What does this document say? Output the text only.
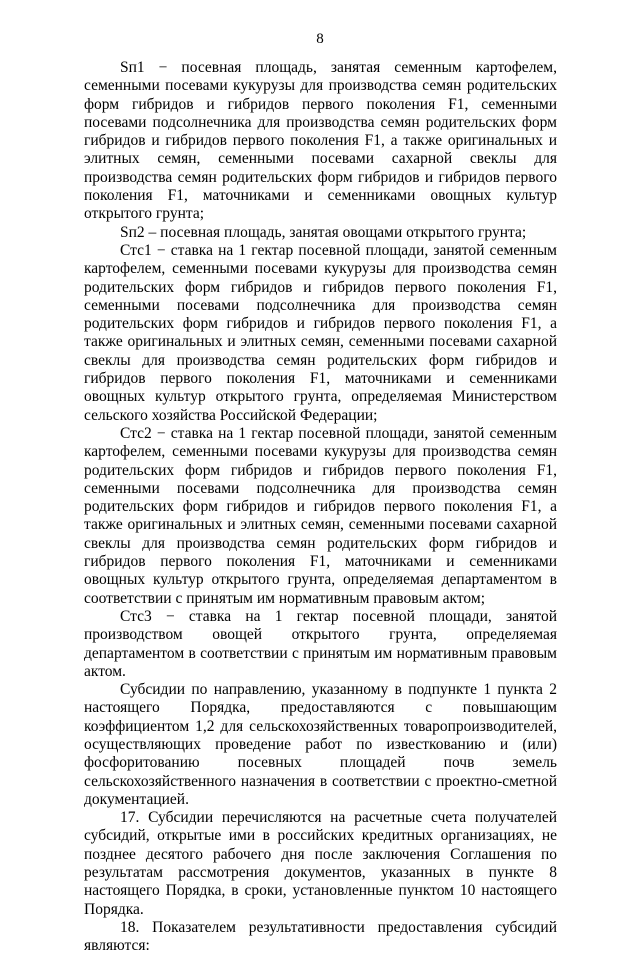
8

Sп1 − посевная площадь, занятая семенным картофелем, семенными посевами кукурузы для производства семян родительских форм гибридов и гибридов первого поколения F1, семенными посевами подсолнечника для производства семян родительских форм гибридов и гибридов первого поколения F1, а также оригинальных и элитных семян, семенными посевами сахарной свеклы для производства семян родительских форм гибридов и гибридов первого поколения F1, маточниками и семенниками овощных культур открытого грунта;

Sп2 – посевная площадь, занятая овощами открытого грунта;

Стс1 − ставка на 1 гектар посевной площади, занятой семенным картофелем, семенными посевами кукурузы для производства семян родительских форм гибридов и гибридов первого поколения F1, семенными посевами подсолнечника для производства семян родительских форм гибридов и гибридов первого поколения F1, а также оригинальных и элитных семян, семенными посевами сахарной свеклы для производства семян родительских форм гибридов и гибридов первого поколения F1, маточниками и семенниками овощных культур открытого грунта, определяемая Министерством сельского хозяйства Российской Федерации;

Стс2 − ставка на 1 гектар посевной площади, занятой семенным картофелем, семенными посевами кукурузы для производства семян родительских форм гибридов и гибридов первого поколения F1, семенными посевами подсолнечника для производства семян родительских форм гибридов и гибридов первого поколения F1, а также оригинальных и элитных семян, семенными посевами сахарной свеклы для производства семян родительских форм гибридов и гибридов первого поколения F1, маточниками и семенниками овощных культур открытого грунта, определяемая департаментом в соответствии с принятым им нормативным правовым актом;

Стс3 − ставка на 1 гектар посевной площади, занятой производством овощей открытого грунта, определяемая департаментом в соответствии с принятым им нормативным правовым актом.

Субсидии по направлению, указанному в подпункте 1 пункта 2 настоящего Порядка, предоставляются с повышающим коэффициентом 1,2 для сельскохозяйственных товаропроизводителей, осуществляющих проведение работ по известкованию и (или) фосфоритованию посевных площадей почв земель сельскохозяйственного назначения в соответствии с проектно-сметной документацией.

17. Субсидии перечисляются на расчетные счета получателей субсидий, открытые ими в российских кредитных организациях, не позднее десятого рабочего дня после заключения Соглашения по результатам рассмотрения документов, указанных в пункте 8 настоящего Порядка, в сроки, установленные пунктом 10 настоящего Порядка.

18. Показателем результативности предоставления субсидий являются:
